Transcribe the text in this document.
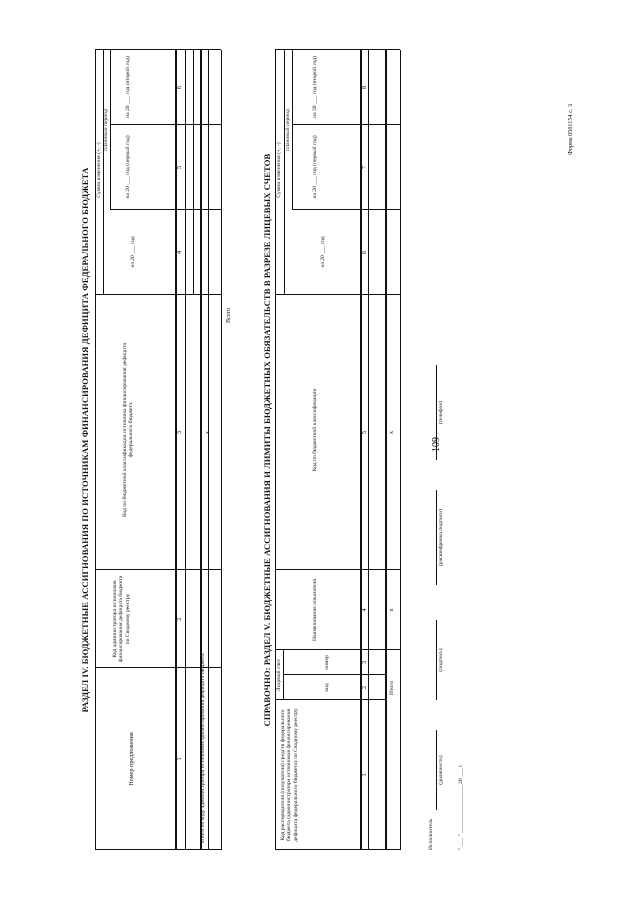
109
Форма 0501154 с. 3
РАЗДЕЛ IV. БЮДЖЕТНЫЕ АССИГНОВАНИЯ ПО ИСТОЧНИКАМ ФИНАНСИРОВАНИЯ ДЕФИЦИТА ФЕДЕРАЛЬНОГО БЮДЖЕТА
Номер предложения
Код администратора источников финансирования дефицита бюджета по Сводному реестру
Код по бюджетной классификации источника финансирования дефицита федерального бюджета
Сумма изменения (+, -)
плановый период
на 20 ___ год
на 20 ___ год (первый год)
на 20 ___ год (второй год)
1
2
3
4
5
6
Итого по коду администратора источников финансирования дефицита бюджета
x
Всего	СПРАВОЧНО: РАЗДЕЛ V. БЮДЖЕТНЫЕ АССИГНОВАНИЯ И ЛИМИТЫ БЮДЖЕТНЫХ ОБЯЗАТЕЛЬСТВ В РАЗРЕЗЕ ЛИЦЕВЫХ СЧЕТОВ
Код распорядителя (получателя) средств федерального бюджета (администратора источников финансирования дефицита федерального бюджета) по Сводному реестру
Лицевой счет	вид
номер
Наименование показателя
Код по бюджетной классификации
Сумма изменения (+, -)
плановый период
на 20 ___ год
на 20 ___ год (первый год)
на 20 ___ год (второй год)
1
2
3
4
5
6
7
8
Итого
x
x
Исполнитель
(должность)
(подпись)
(расшифровка подписи)
(телефон)
" ___ " _________________ 20 ___ г.
